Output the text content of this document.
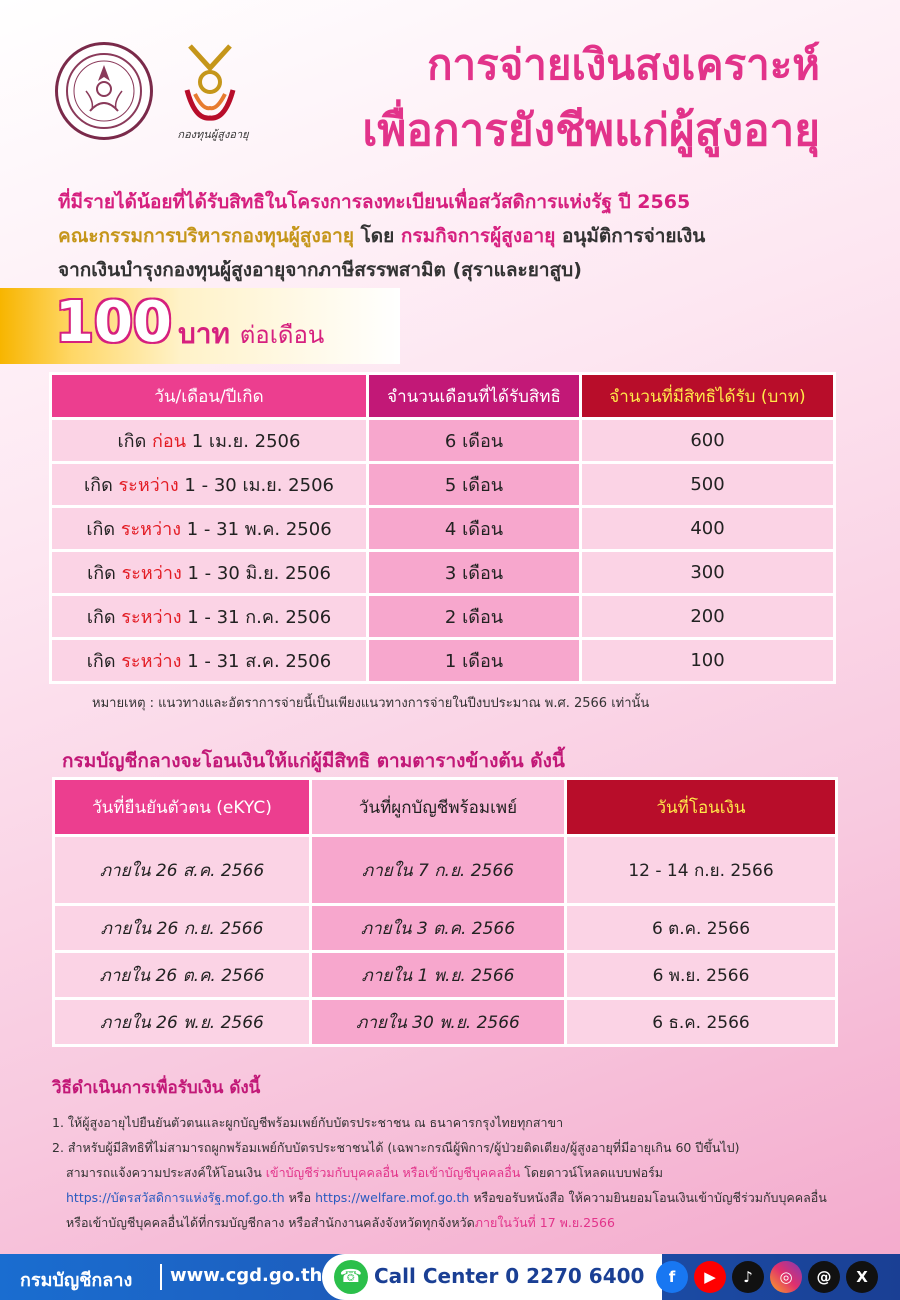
กองทุนผู้สูงอายุ
การจ่ายเงินสงเคราะห์
เพื่อการยังชีพแก่ผู้สูงอายุ
ที่มีรายได้น้อยที่ได้รับสิทธิในโครงการลงทะเบียนเพื่อสวัสดิการแห่งรัฐ ปี 2565
คณะกรรมการบริหารกองทุนผู้สูงอายุ โดย กรมกิจการผู้สูงอายุ อนุมัติการจ่ายเงิน
จากเงินบำรุงกองทุนผู้สูงอายุจากภาษีสรรพสามิต (สุราและยาสูบ)
100 บาท ต่อเดือน
วัน/เดือน/ปีเกิด	จำนวนเดือนที่ได้รับสิทธิ	จำนวนที่มีสิทธิได้รับ (บาท)
เกิด ก่อน 1 เม.ย. 2506	6 เดือน	600
เกิด ระหว่าง 1 - 30 เม.ย. 2506	5 เดือน	500
เกิด ระหว่าง 1 - 31 พ.ค. 2506	4 เดือน	400
เกิด ระหว่าง 1 - 30 มิ.ย. 2506	3 เดือน	300
เกิด ระหว่าง 1 - 31 ก.ค. 2506	2 เดือน	200
เกิด ระหว่าง 1 - 31 ส.ค. 2506	1 เดือน	100
หมายเหตุ : แนวทางและอัตราการจ่ายนี้เป็นเพียงแนวทางการจ่ายในปีงบประมาณ พ.ศ. 2566 เท่านั้น
กรมบัญชีกลางจะโอนเงินให้แก่ผู้มีสิทธิ ตามตารางข้างต้น ดังนี้
วันที่ยืนยันตัวตน (eKYC)	วันที่ผูกบัญชีพร้อมเพย์	วันที่โอนเงิน
ภายใน 26 ส.ค. 2566	ภายใน 7 ก.ย. 2566	12 - 14 ก.ย. 2566
ภายใน 26 ก.ย. 2566	ภายใน 3 ต.ค. 2566	6 ต.ค. 2566
ภายใน 26 ต.ค. 2566	ภายใน 1 พ.ย. 2566	6 พ.ย. 2566
ภายใน 26 พ.ย. 2566	ภายใน 30 พ.ย. 2566	6 ธ.ค. 2566
วิธีดำเนินการเพื่อรับเงิน ดังนี้
1. ให้ผู้สูงอายุไปยืนยันตัวตนและผูกบัญชีพร้อมเพย์กับบัตรประชาชน ณ ธนาคารกรุงไทยทุกสาขา
2. สำหรับผู้มีสิทธิที่ไม่สามารถผูกพร้อมเพย์กับบัตรประชาชนได้ (เฉพาะกรณีผู้พิการ/ผู้ป่วยติดเตียง/ผู้สูงอายุที่มีอายุเกิน 60 ปีขึ้นไป)
สามารถแจ้งความประสงค์ให้โอนเงิน เข้าบัญชีร่วมกับบุคคลอื่น หรือเข้าบัญชีบุคคลอื่น โดยดาวน์โหลดแบบฟอร์ม
https://บัตรสวัสดิการแห่งรัฐ.mof.go.th หรือ https://welfare.mof.go.th หรือขอรับหนังสือ ให้ความยินยอมโอนเงินเข้าบัญชีร่วมกับบุคคลอื่น
หรือเข้าบัญชีบุคคลอื่นได้ที่กรมบัญชีกลาง หรือสำนักงานคลังจังหวัดทุกจังหวัดภายในวันที่ 17 พ.ย.2566
กรมบัญชีกลาง www.cgd.go.th ☎ Call Center 0 2270 6400	f	▶	♪	◎	@	X
